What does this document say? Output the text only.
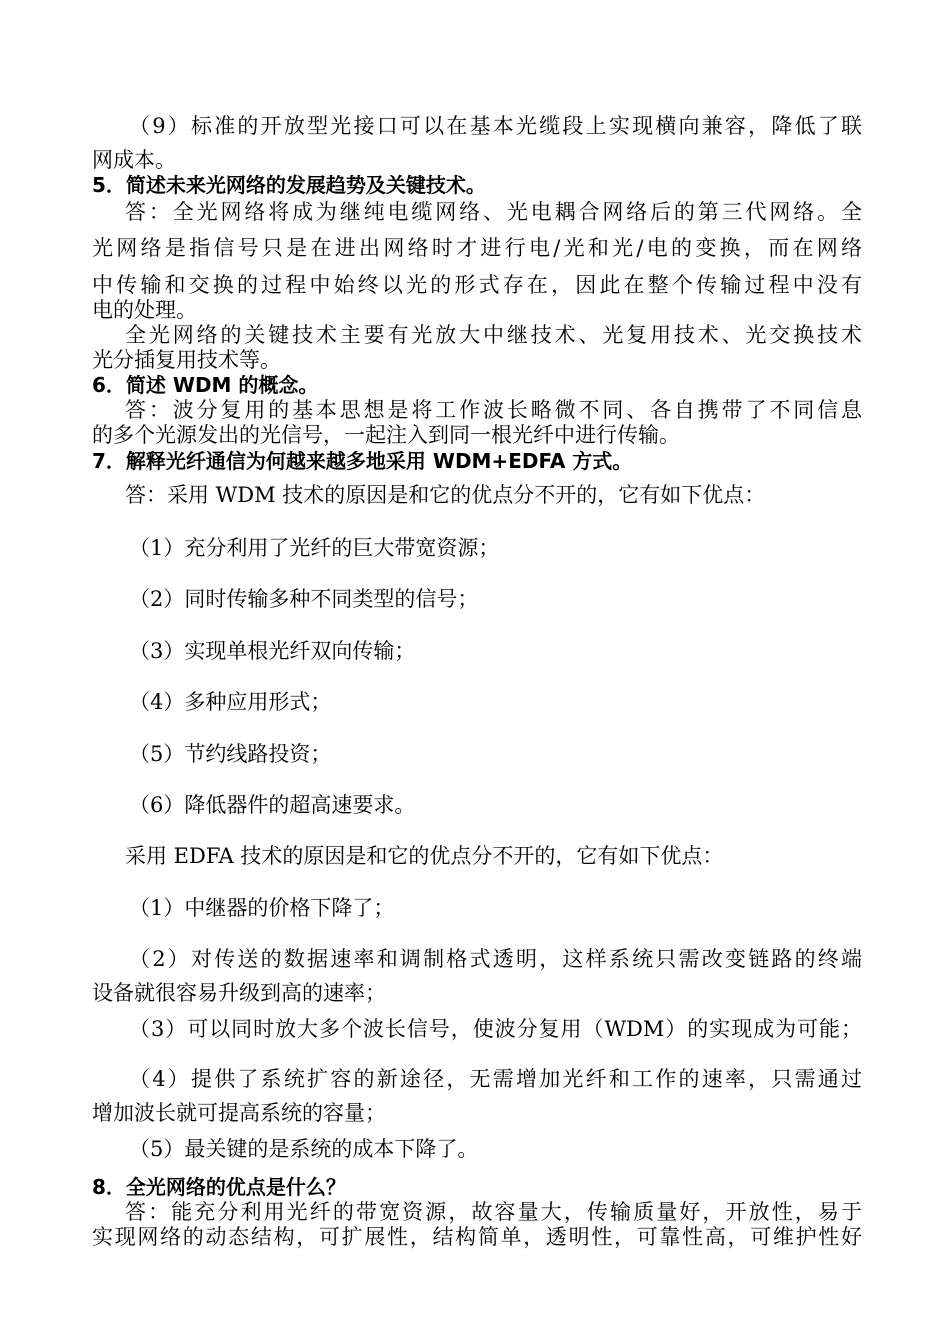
（9）标准的开放型光接口可以在基本光缆段上实现横向兼容，降低了联
网成本。
5．简述未来光网络的发展趋势及关键技术。
答：全光网络将成为继纯电缆网络、光电耦合网络后的第三代网络。全
光网络是指信号只是在进出网络时才进行电/光和光/电的变换，而在网络
中传输和交换的过程中始终以光的形式存在，因此在整个传输过程中没有
电的处理。
全光网络的关键技术主要有光放大中继技术、光复用技术、光交换技术
光分插复用技术等。
6．简述 WDM 的概念。
答：波分复用的基本思想是将工作波长略微不同、各自携带了不同信息
的多个光源发出的光信号，一起注入到同一根光纤中进行传输。
7．解释光纤通信为何越来越多地采用 WDM+EDFA 方式。
答：采用 WDM 技术的原因是和它的优点分不开的，它有如下优点：
（1）充分利用了光纤的巨大带宽资源；
（2）同时传输多种不同类型的信号；
（3）实现单根光纤双向传输；
（4）多种应用形式；
（5）节约线路投资；
（6）降低器件的超高速要求。
采用 EDFA 技术的原因是和它的优点分不开的，它有如下优点：
（1）中继器的价格下降了；
（2）对传送的数据速率和调制格式透明，这样系统只需改变链路的终端
设备就很容易升级到高的速率；
（3）可以同时放大多个波长信号，使波分复用（WDM）的实现成为可能；
（4）提供了系统扩容的新途径，无需增加光纤和工作的速率，只需通过
增加波长就可提高系统的容量；
（5）最关键的是系统的成本下降了。
8．全光网络的优点是什么？
答：能充分利用光纤的带宽资源，故容量大，传输质量好，开放性，易于
实现网络的动态结构，可扩展性，结构简单，透明性，可靠性高，可维护性好
